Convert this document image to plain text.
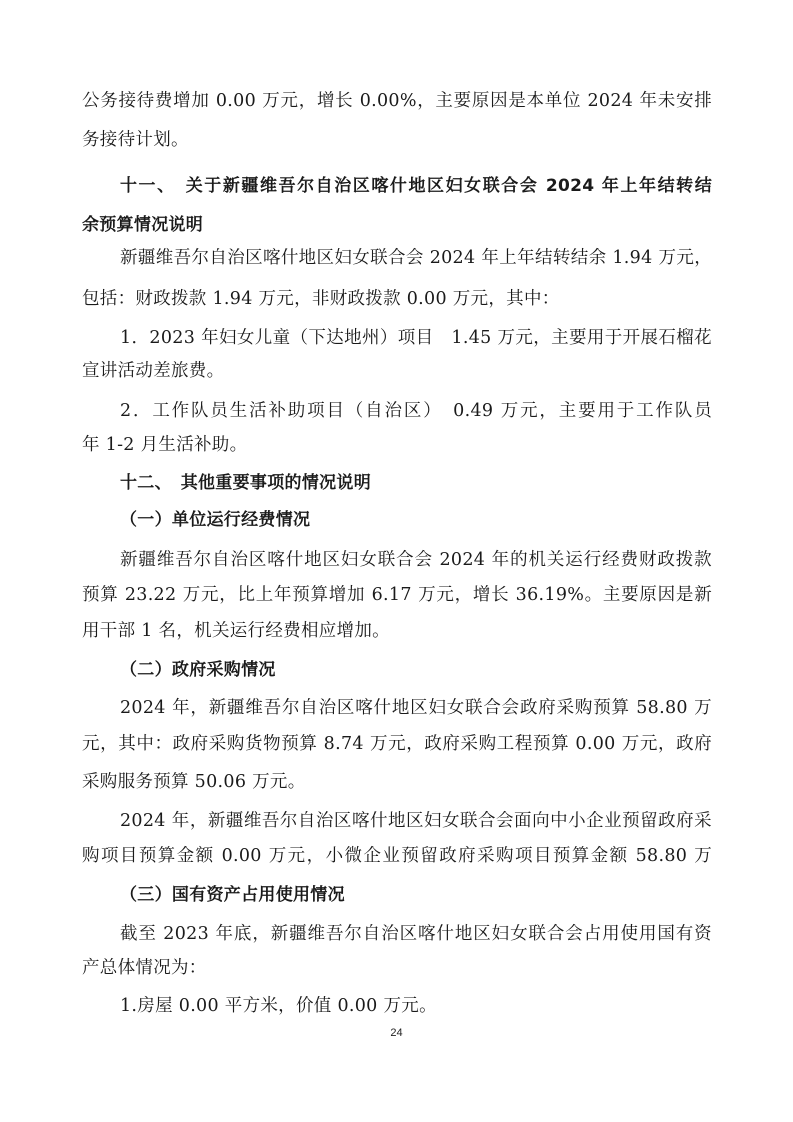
公务接待费增加 0.00 万元，增长 0.00%，主要原因是本单位 2024 年未安排
务接待计划。
十一、　关于新疆维吾尔自治区喀什地区妇女联合会 2024 年上年结转结
余预算情况说明
新疆维吾尔自治区喀什地区妇女联合会 2024 年上年结转结余 1.94 万元，
包括：财政拨款 1.94 万元，非财政拨款 0.00 万元，其中：
1．2023 年妇女儿童（下达地州）项目　1.45 万元，主要用于开展石榴花
宣讲活动差旅费。
2．工作队员生活补助项目（自治区）　0.49 万元，主要用于工作队员
年 1-2 月生活补助。
十二、　其他重要事项的情况说明
（一）单位运行经费情况
新疆维吾尔自治区喀什地区妇女联合会 2024 年的机关运行经费财政拨款
预算 23.22 万元，比上年预算增加 6.17 万元，增长 36.19%。主要原因是新
用干部 1 名，机关运行经费相应增加。
（二）政府采购情况
2024 年，新疆维吾尔自治区喀什地区妇女联合会政府采购预算 58.80 万
元，其中：政府采购货物预算 8.74 万元，政府采购工程预算 0.00 万元，政府
采购服务预算 50.06 万元。
2024 年，新疆维吾尔自治区喀什地区妇女联合会面向中小企业预留政府采
购项目预算金额 0.00 万元，小微企业预留政府采购项目预算金额 58.80 万
（三）国有资产占用使用情况
截至 2023 年底，新疆维吾尔自治区喀什地区妇女联合会占用使用国有资
产总体情况为：
1.房屋 0.00 平方米，价值 0.00 万元。
24
